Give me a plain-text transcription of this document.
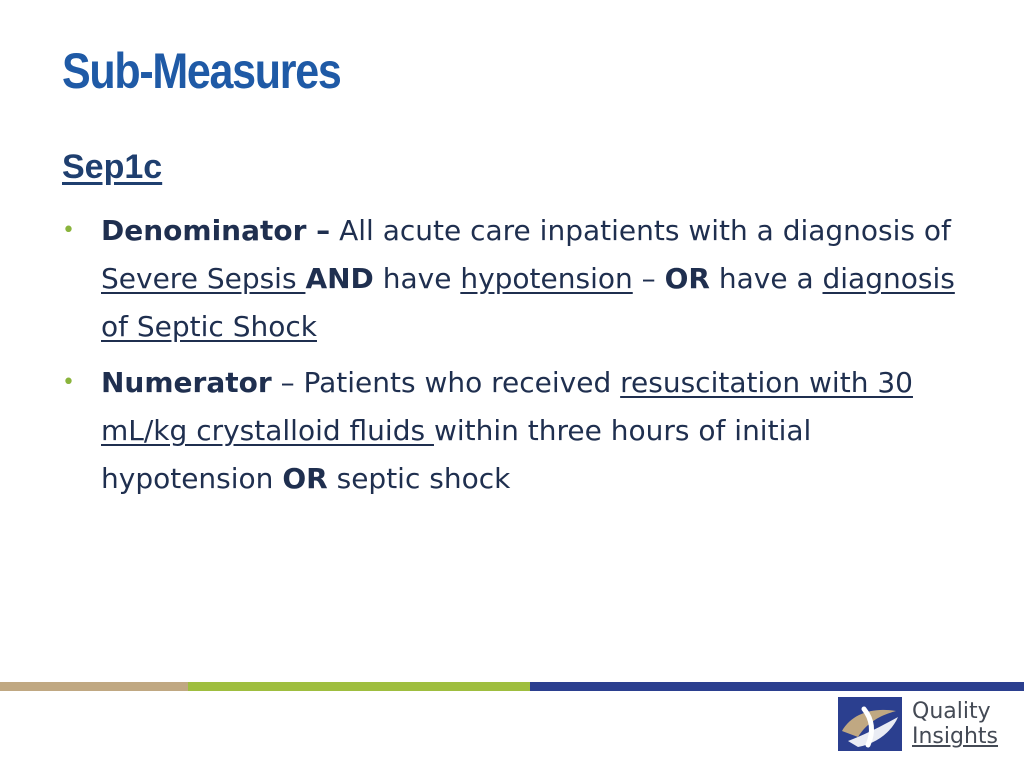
Sub-Measures
Sep1c
• Denominator – All acute care inpatients with a diagnosis of Severe Sepsis AND have hypotension – OR have a diagnosis of Septic Shock
• Numerator – Patients who received resuscitation with 30 mL/kg crystalloid fluids within three hours of initial hypotension OR septic shock
Quality
Insights
